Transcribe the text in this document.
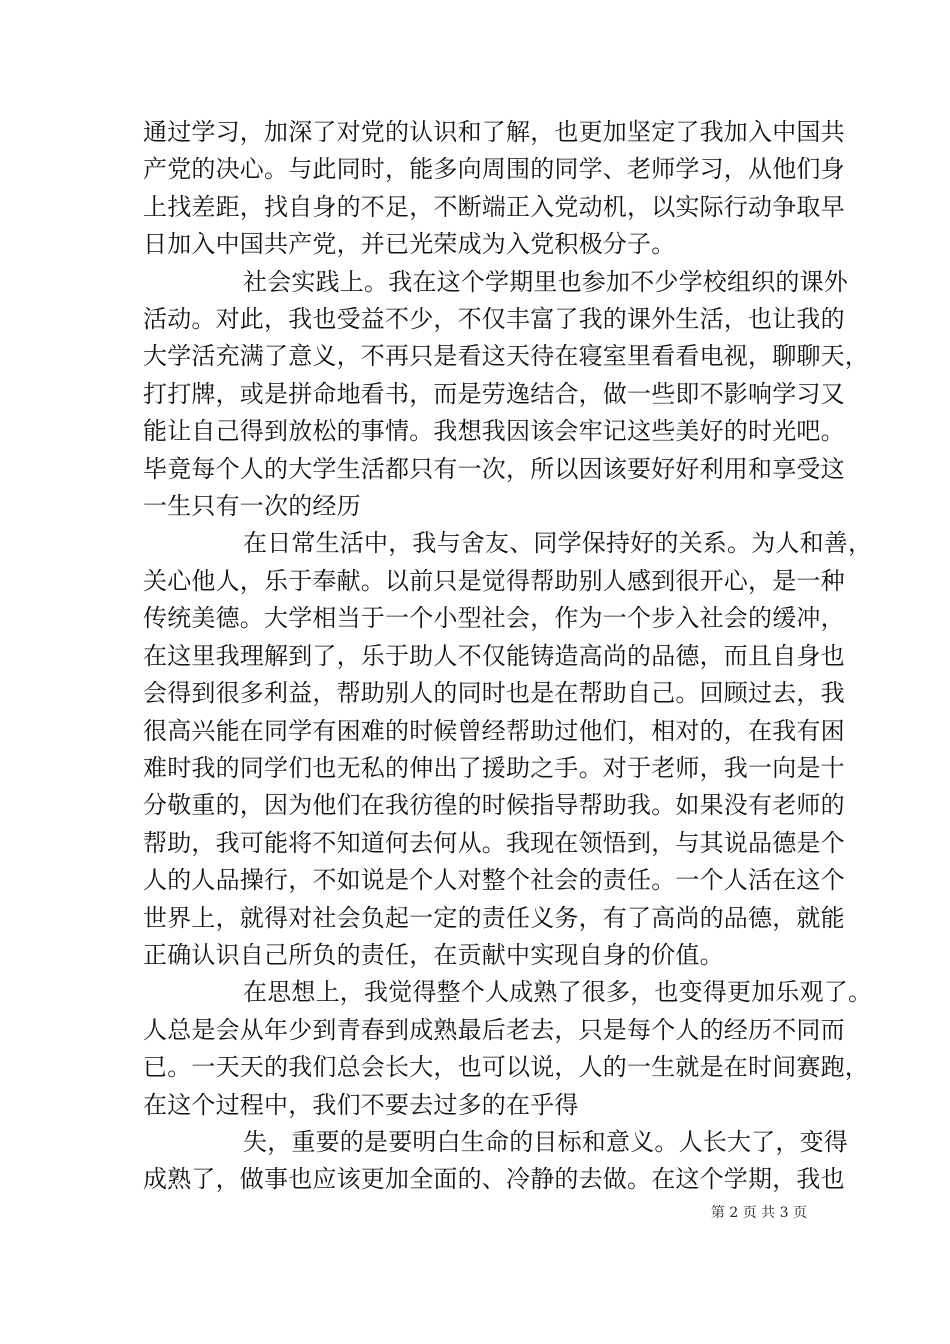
通过学习，加深了对党的认识和了解，也更加坚定了我加入中国共

产党的决心。与此同时，能多向周围的同学、老师学习，从他们身

上找差距，找自身的不足，不断端正入党动机，以实际行动争取早

日加入中国共产党，并已光荣成为入党积极分子。

社会实践上。我在这个学期里也参加不少学校组织的课外

活动。对此，我也受益不少，不仅丰富了我的课外生活，也让我的

大学活充满了意义，不再只是看这天待在寝室里看看电视，聊聊天，

打打牌，或是拼命地看书，而是劳逸结合，做一些即不影响学习又

能让自己得到放松的事情。我想我因该会牢记这些美好的时光吧。

毕竟每个人的大学生活都只有一次，所以因该要好好利用和享受这

一生只有一次的经历

在日常生活中，我与舍友、同学保持好的关系。为人和善，

关心他人，乐于奉献。以前只是觉得帮助别人感到很开心，是一种

传统美德。大学相当于一个小型社会，作为一个步入社会的缓冲，

在这里我理解到了，乐于助人不仅能铸造高尚的品德，而且自身也

会得到很多利益，帮助别人的同时也是在帮助自己。回顾过去，我

很高兴能在同学有困难的时候曾经帮助过他们，相对的，在我有困

难时我的同学们也无私的伸出了援助之手。对于老师，我一向是十

分敬重的，因为他们在我彷徨的时候指导帮助我。如果没有老师的

帮助，我可能将不知道何去何从。我现在领悟到，与其说品德是个

人的人品操行，不如说是个人对整个社会的责任。一个人活在这个

世界上，就得对社会负起一定的责任义务，有了高尚的品德，就能

正确认识自己所负的责任，在贡献中实现自身的价值。

在思想上，我觉得整个人成熟了很多，也变得更加乐观了。

人总是会从年少到青春到成熟最后老去，只是每个人的经历不同而

已。一天天的我们总会长大，也可以说，人的一生就是在时间赛跑，

在这个过程中，我们不要去过多的在乎得

失，重要的是要明白生命的目标和意义。人长大了，变得

成熟了，做事也应该更加全面的、冷静的去做。在这个学期，我也

第 2 页 共 3 页
